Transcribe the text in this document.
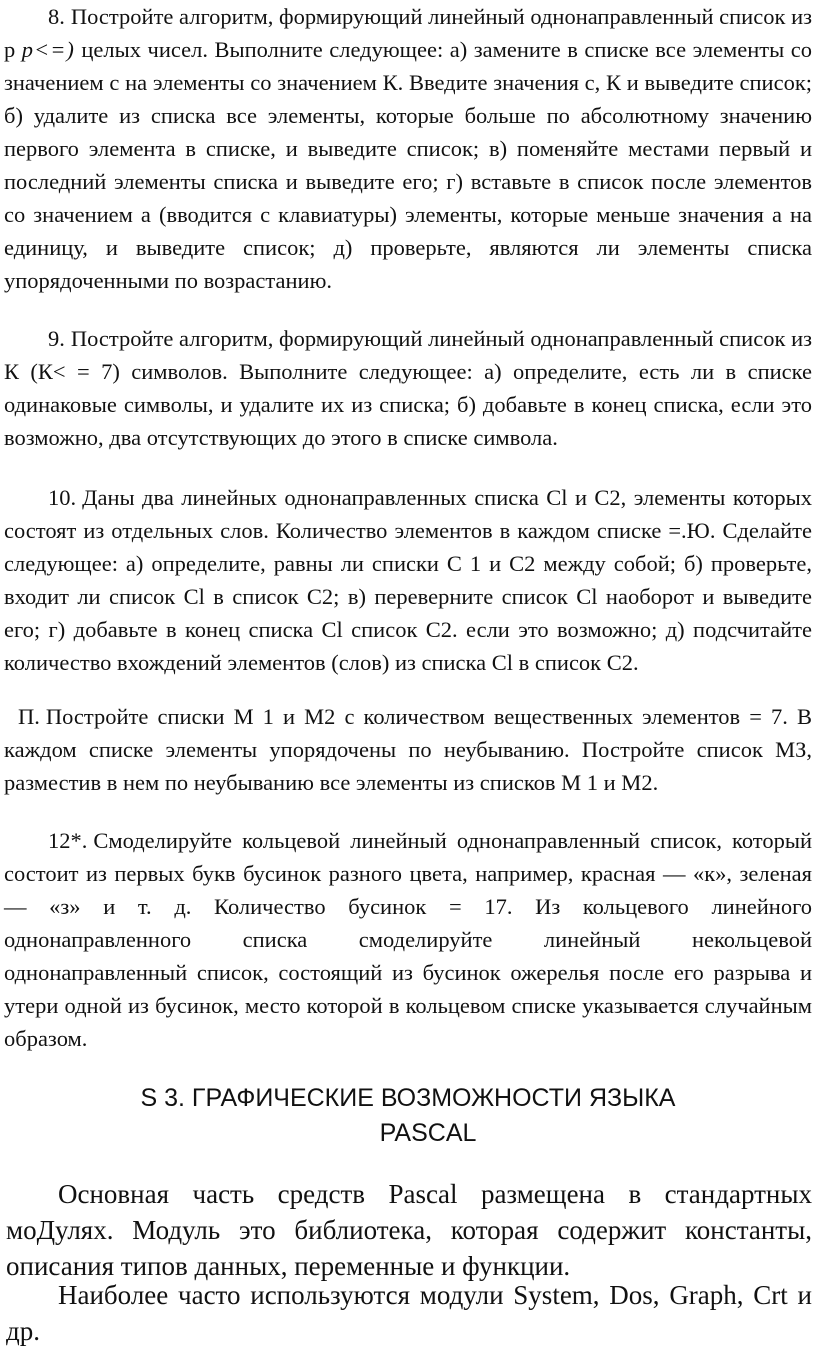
8. Постройте алгоритм, формирующий линейный однонаправленный список из р p<=) целых чисел. Выполните следующее: а) замените в списке все элементы со значением с на элементы со значением К. Введите значения с, К и выведите список; б) удалите из списка все элементы, которые больше по абсолютному значению первого элемента в списке, и выведите список; в) поменяйте местами первый и последний элементы списка и выведите его; г) вставьте в список после элементов со значением а (вводится с клавиатуры) элементы, которые меньше значения а на единицу, и выведите список; д) проверьте, являются ли элементы списка упорядоченными по возрастанию.

9. Постройте алгоритм, формирующий линейный однонаправленный список из К (К< = 7) символов. Выполните следующее: а) определите, есть ли в списке одинаковые символы, и удалите их из списка; б) добавьте в конец списка, если это возможно, два отсутствующих до этого в списке символа.

10. Даны два линейных однонаправленных списка Cl и С2, элементы которых состоят из отдельных слов. Количество элементов в каждом списке =.Ю. Сделайте следующее: а) определите, равны ли списки С 1 и С2 между собой; б) проверьте, входит ли список Cl в список С2; в) переверните список Cl наоборот и выведите его; г) добавьте в конец списка Cl список С2. если это возможно; д) подсчитайте количество вхождений элементов (слов) из списка Cl в список С2.

П. Постройте списки М 1 и М2 с количеством вещественных элементов = 7. В каждом списке элементы упорядочены по неубыванию. Постройте список МЗ, разместив в нем по неубыванию все элементы из списков М 1 и М2.

12*. Смоделируйте кольцевой линейный однонаправленный список, который состоит из первых букв бусинок разного цвета, например, красная — «к», зеленая — «з» и т. д. Количество бусинок = 17. Из кольцевого линейного однонаправленного списка смоделируйте линейный некольцевой однонаправленный список, состоящий из бусинок ожерелья после его разрыва и утери одной из бусинок, место которой в кольцевом списке указывается случайным образом.

S 3. ГРАФИЧЕСКИЕ ВОЗМОЖНОСТИ ЯЗЫКА
PASCAL

Основная часть средств Pascal размещена в стандартных моДулях. Модуль это библиотека, которая содержит константы, описания типов данных, переменные и функции.

Наиболее часто используются модули System, Dos, Graph, Crt и др.
